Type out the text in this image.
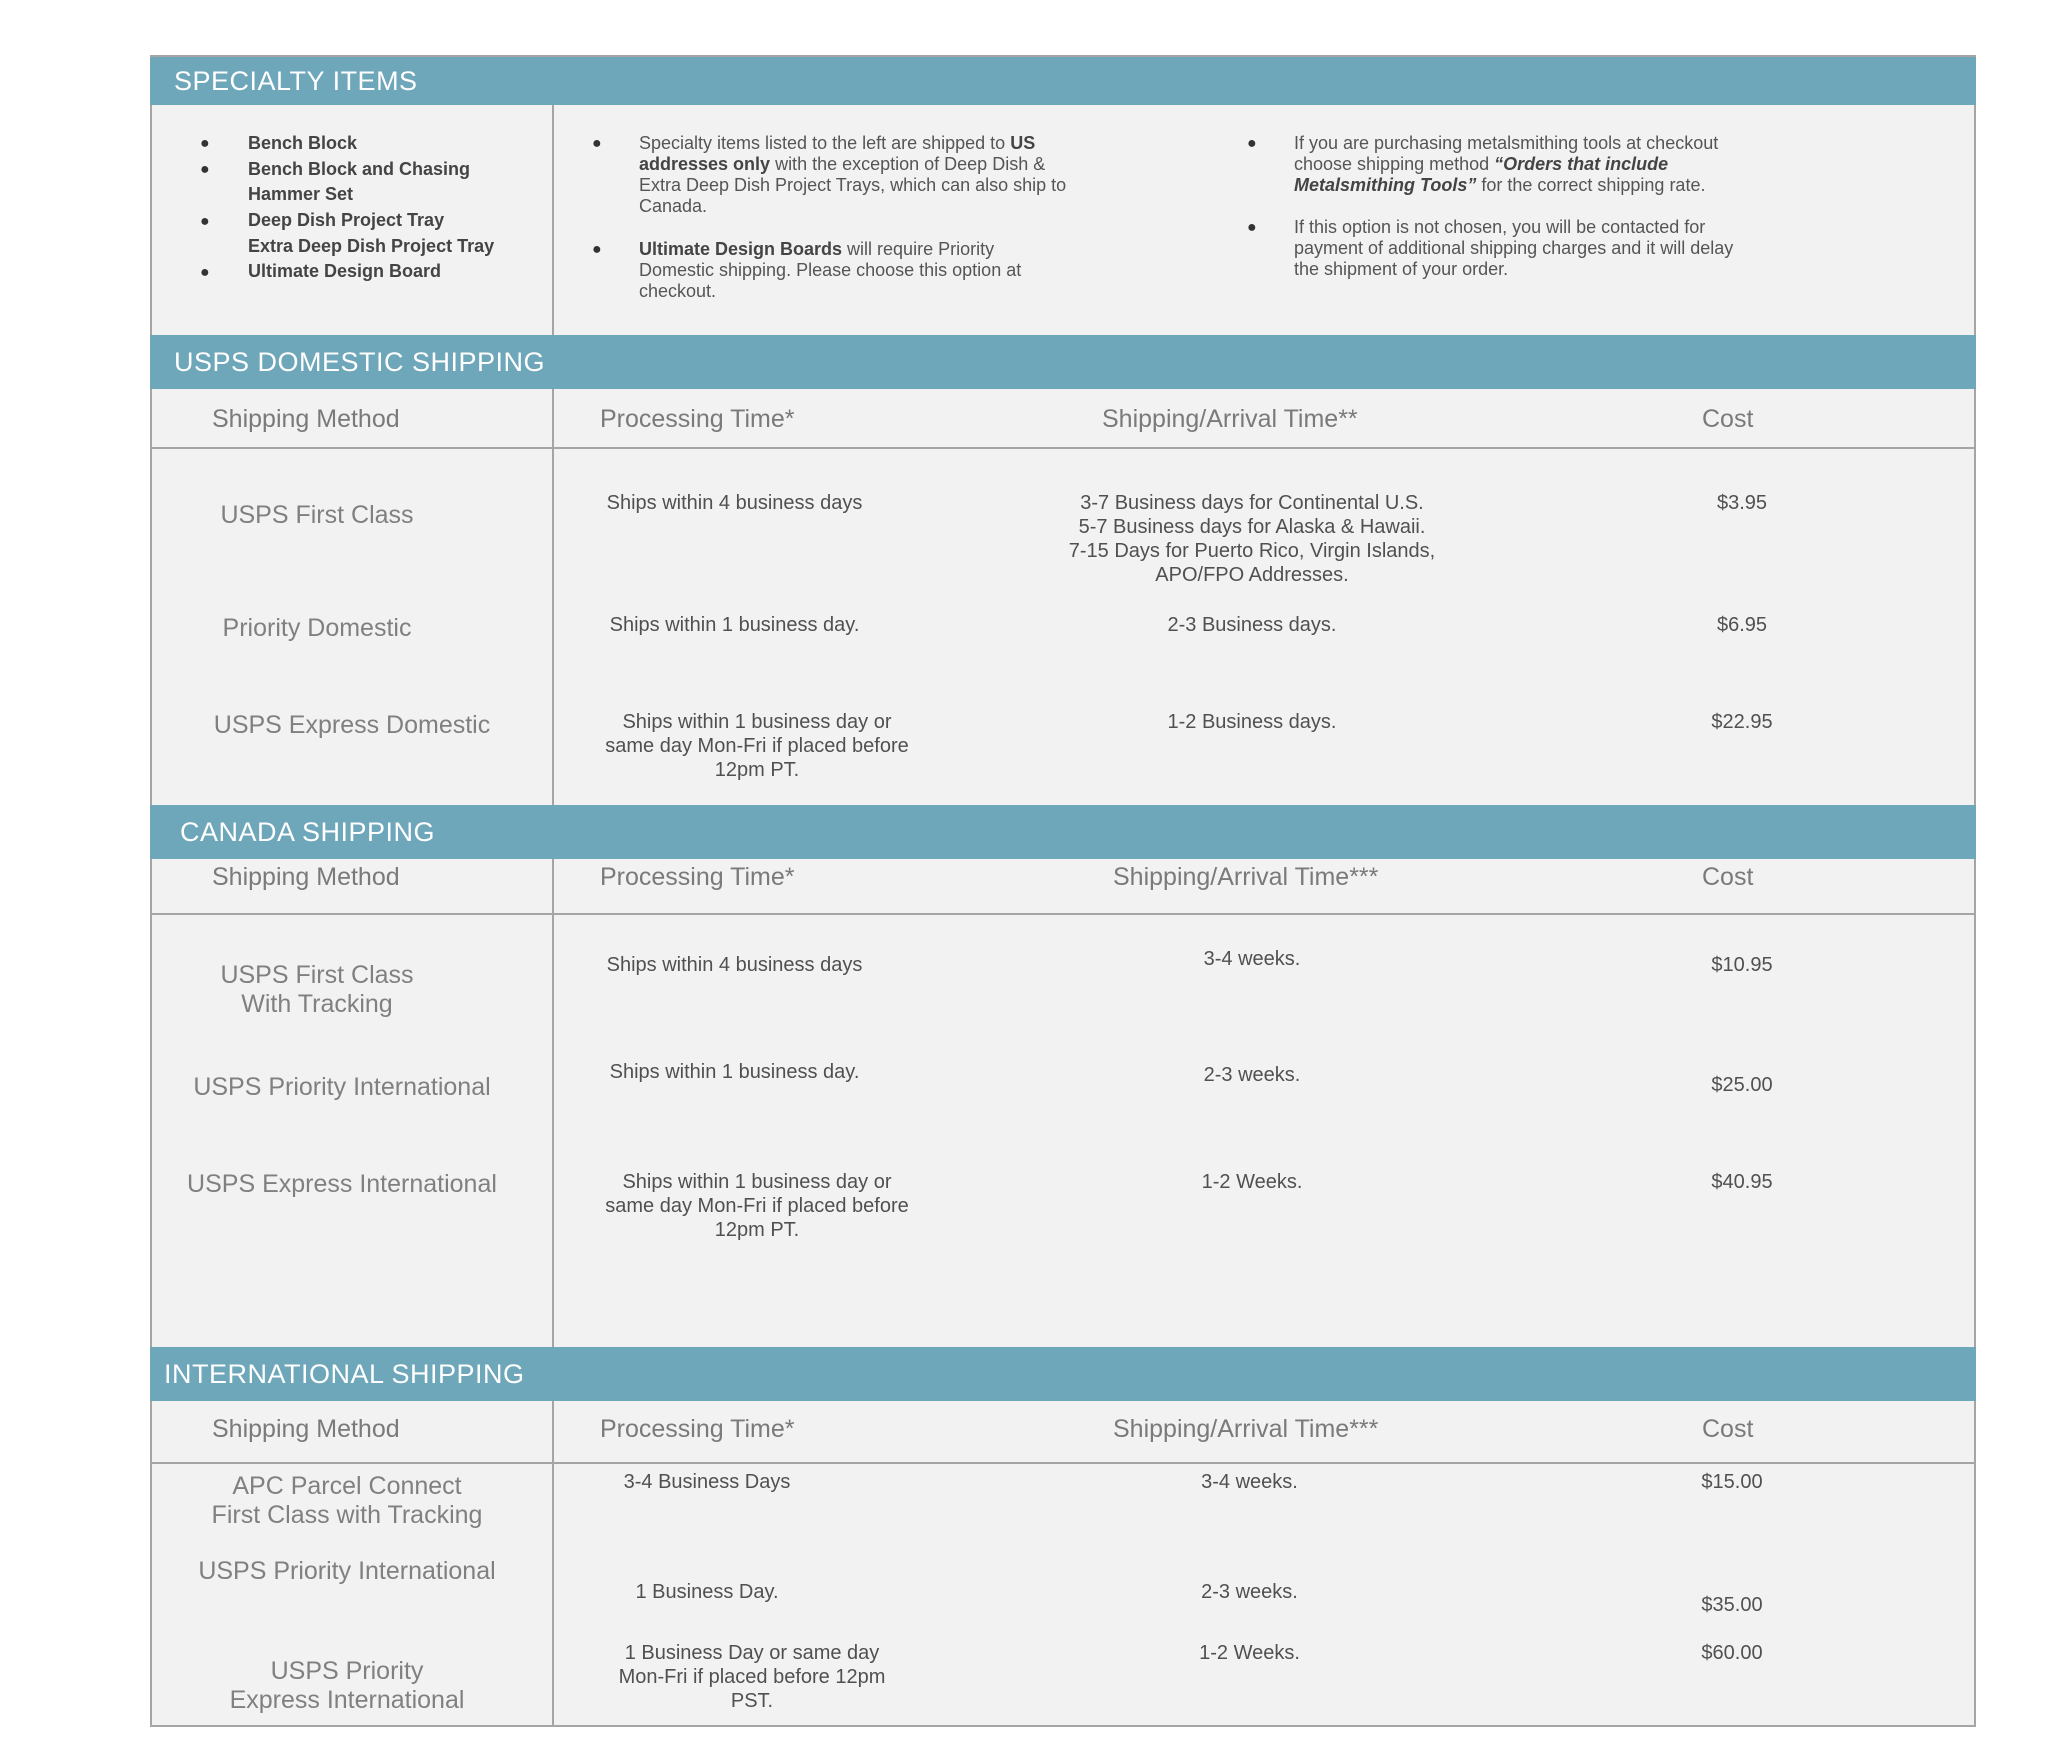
SPECIALTY ITEMS
●
●
●
●
Bench Block
Bench Block and Chasing
Hammer Set
Deep Dish Project Tray
Extra Deep Dish Project Tray
Ultimate Design Board
● Specialty items listed to the left are shipped to US
addresses only with the exception of Deep Dish &
Extra Deep Dish Project Trays, which can also ship to
Canada.
● Ultimate Design Boards will require Priority
Domestic shipping. Please choose this option at
checkout.
● If you are purchasing metalsmithing tools at checkout
choose shipping method “Orders that include
Metalsmithing Tools” for the correct shipping rate.
● If this option is not chosen, you will be contacted for
payment of additional shipping charges and it will delay
the shipment of your order.
USPS DOMESTIC SHIPPING
Shipping Method	Processing Time*	Shipping/Arrival Time**	Cost
USPS First Class	Ships within 4 business days	3-7 Business days for Continental U.S.
5-7 Business days for Alaska & Hawaii.
7-15 Days for Puerto Rico, Virgin Islands,
APO/FPO Addresses.
$3.95
Priority Domestic	Ships within 1 business day.	2-3 Business days.	$6.95
USPS Express Domestic	Ships within 1 business day or
same day Mon-Fri if placed before
12pm PT.
1-2 Business days.	$22.95
CANADA SHIPPING
Shipping Method	Processing Time*	Shipping/Arrival Time***	Cost
USPS First Class
With Tracking
Ships within 4 business days	3-4 weeks.	$10.95
USPS Priority International
Ships within 1 business day.	2-3 weeks.	$25.00
USPS Express International	Ships within 1 business day or
same day Mon-Fri if placed before
12pm PT.
1-2 Weeks.	$40.95
INTERNATIONAL SHIPPING
Shipping Method	Processing Time*	Shipping/Arrival Time***	Cost
APC Parcel Connect
First Class with Tracking
3-4 Business Days	3-4 weeks.	$15.00
USPS Priority International
1 Business Day.	2-3 weeks.
$35.00
USPS Priority
Express International
1 Business Day or same day
Mon-Fri if placed before 12pm
PST.
1-2 Weeks.	$60.00
